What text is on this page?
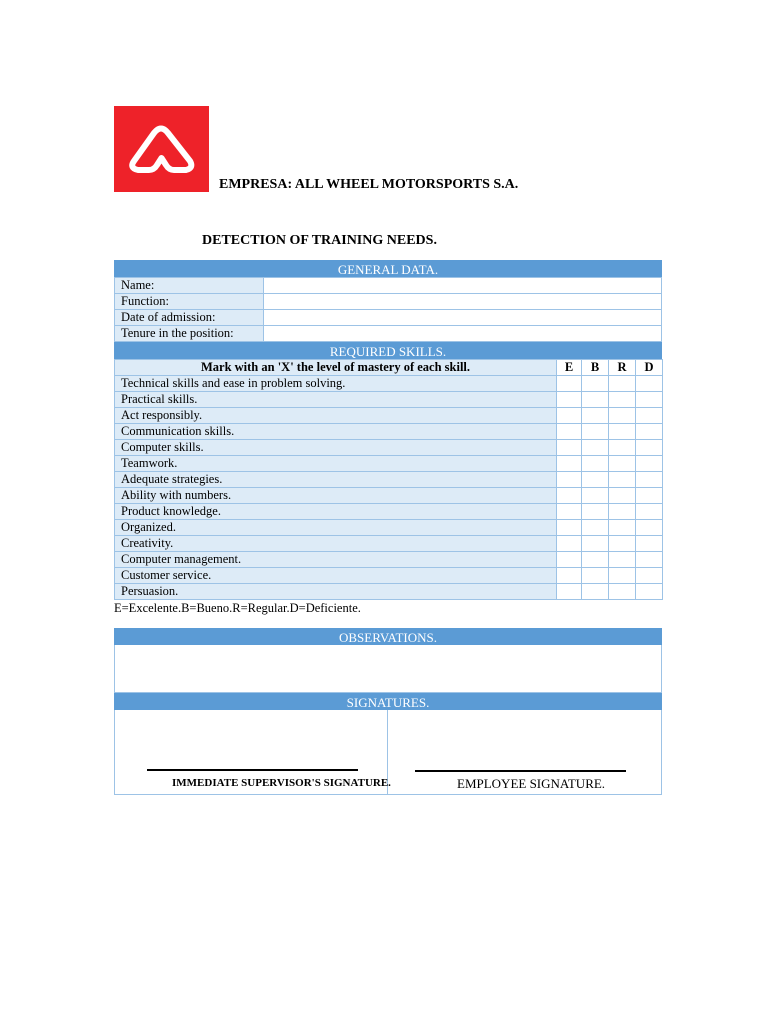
EMPRESA: ALL WHEEL MOTORSPORTS S.A.
DETECTION OF TRAINING NEEDS.
GENERAL DATA.
Name:	
Function:	
Date of admission:	
Tenure in the position:	
REQUIRED SKILLS.
Mark with an 'X' the level of mastery of each skill.	E	B	R	D
Technical skills and ease in problem solving.				
Practical skills.				
Act responsibly.				
Communication skills.				
Computer skills.				
Teamwork.				
Adequate strategies.				
Ability with numbers.				
Product knowledge.				
Organized.				
Creativity.				
Computer management.				
Customer service.				
Persuasion.				
E=Excelente.B=Bueno.R=Regular.D=Deficiente.
OBSERVATIONS.
SIGNATURES.
IMMEDIATE SUPERVISOR'S SIGNATURE.	EMPLOYEE SIGNATURE.
